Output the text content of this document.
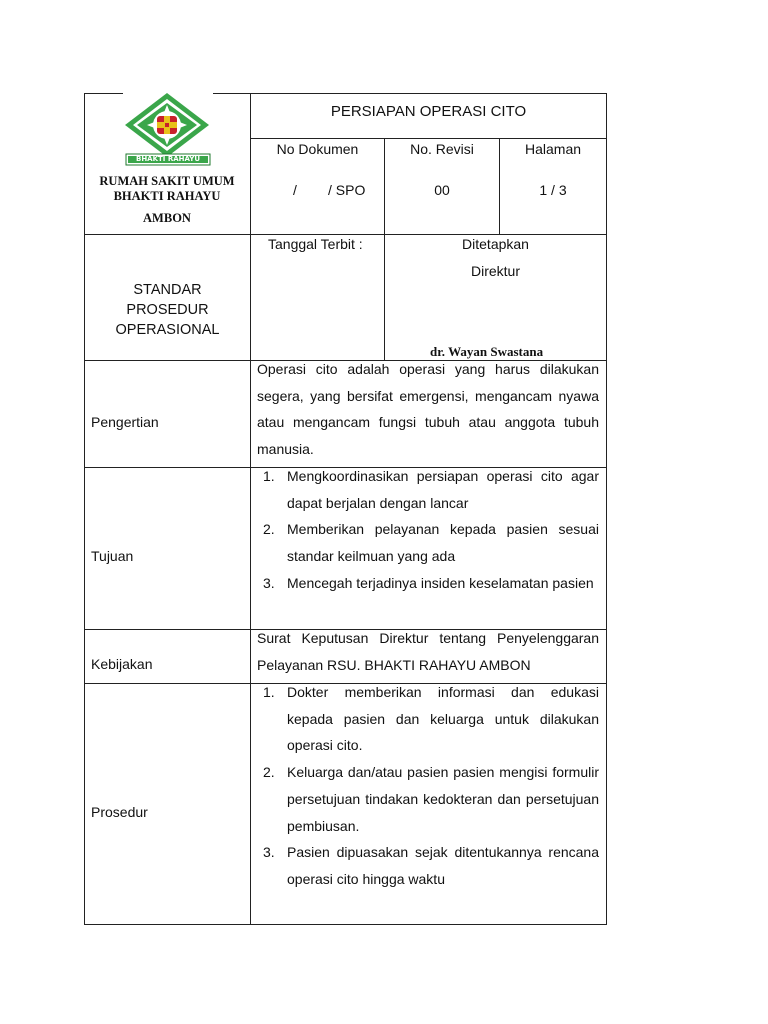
BHAKTI RAHAYU
RUMAH SAKIT UMUM
BHAKTI RAHAYU
AMBON
PERSIAPAN OPERASI CITO
No Dokumen	No. Revisi	Halaman
/        / SPO	00	1 / 3
STANDAR
PROSEDUR
OPERASIONAL
Tanggal Terbit :	Ditetapkan
Direktur
dr. Wayan Swastana
Pengertian
Operasi cito adalah operasi yang harus dilakukan segera, yang bersifat emergensi, mengancam nyawa atau mengancam fungsi tubuh atau anggota tubuh manusia.
Tujuan
1. Mengkoordinasikan persiapan operasi cito agar dapat berjalan dengan lancar
2. Memberikan pelayanan kepada pasien sesuai standar keilmuan yang ada
3. Mencegah terjadinya insiden keselamatan pasien
Kebijakan
Surat Keputusan Direktur tentang Penyelenggaran Pelayanan RSU. BHAKTI RAHAYU AMBON
Prosedur
1. Dokter memberikan informasi dan edukasi kepada pasien dan keluarga untuk dilakukan operasi cito.
2. Keluarga dan/atau pasien pasien mengisi formulir persetujuan tindakan kedokteran dan persetujuan pembiusan.
3. Pasien dipuasakan sejak ditentukannya rencana operasi cito hingga waktu
